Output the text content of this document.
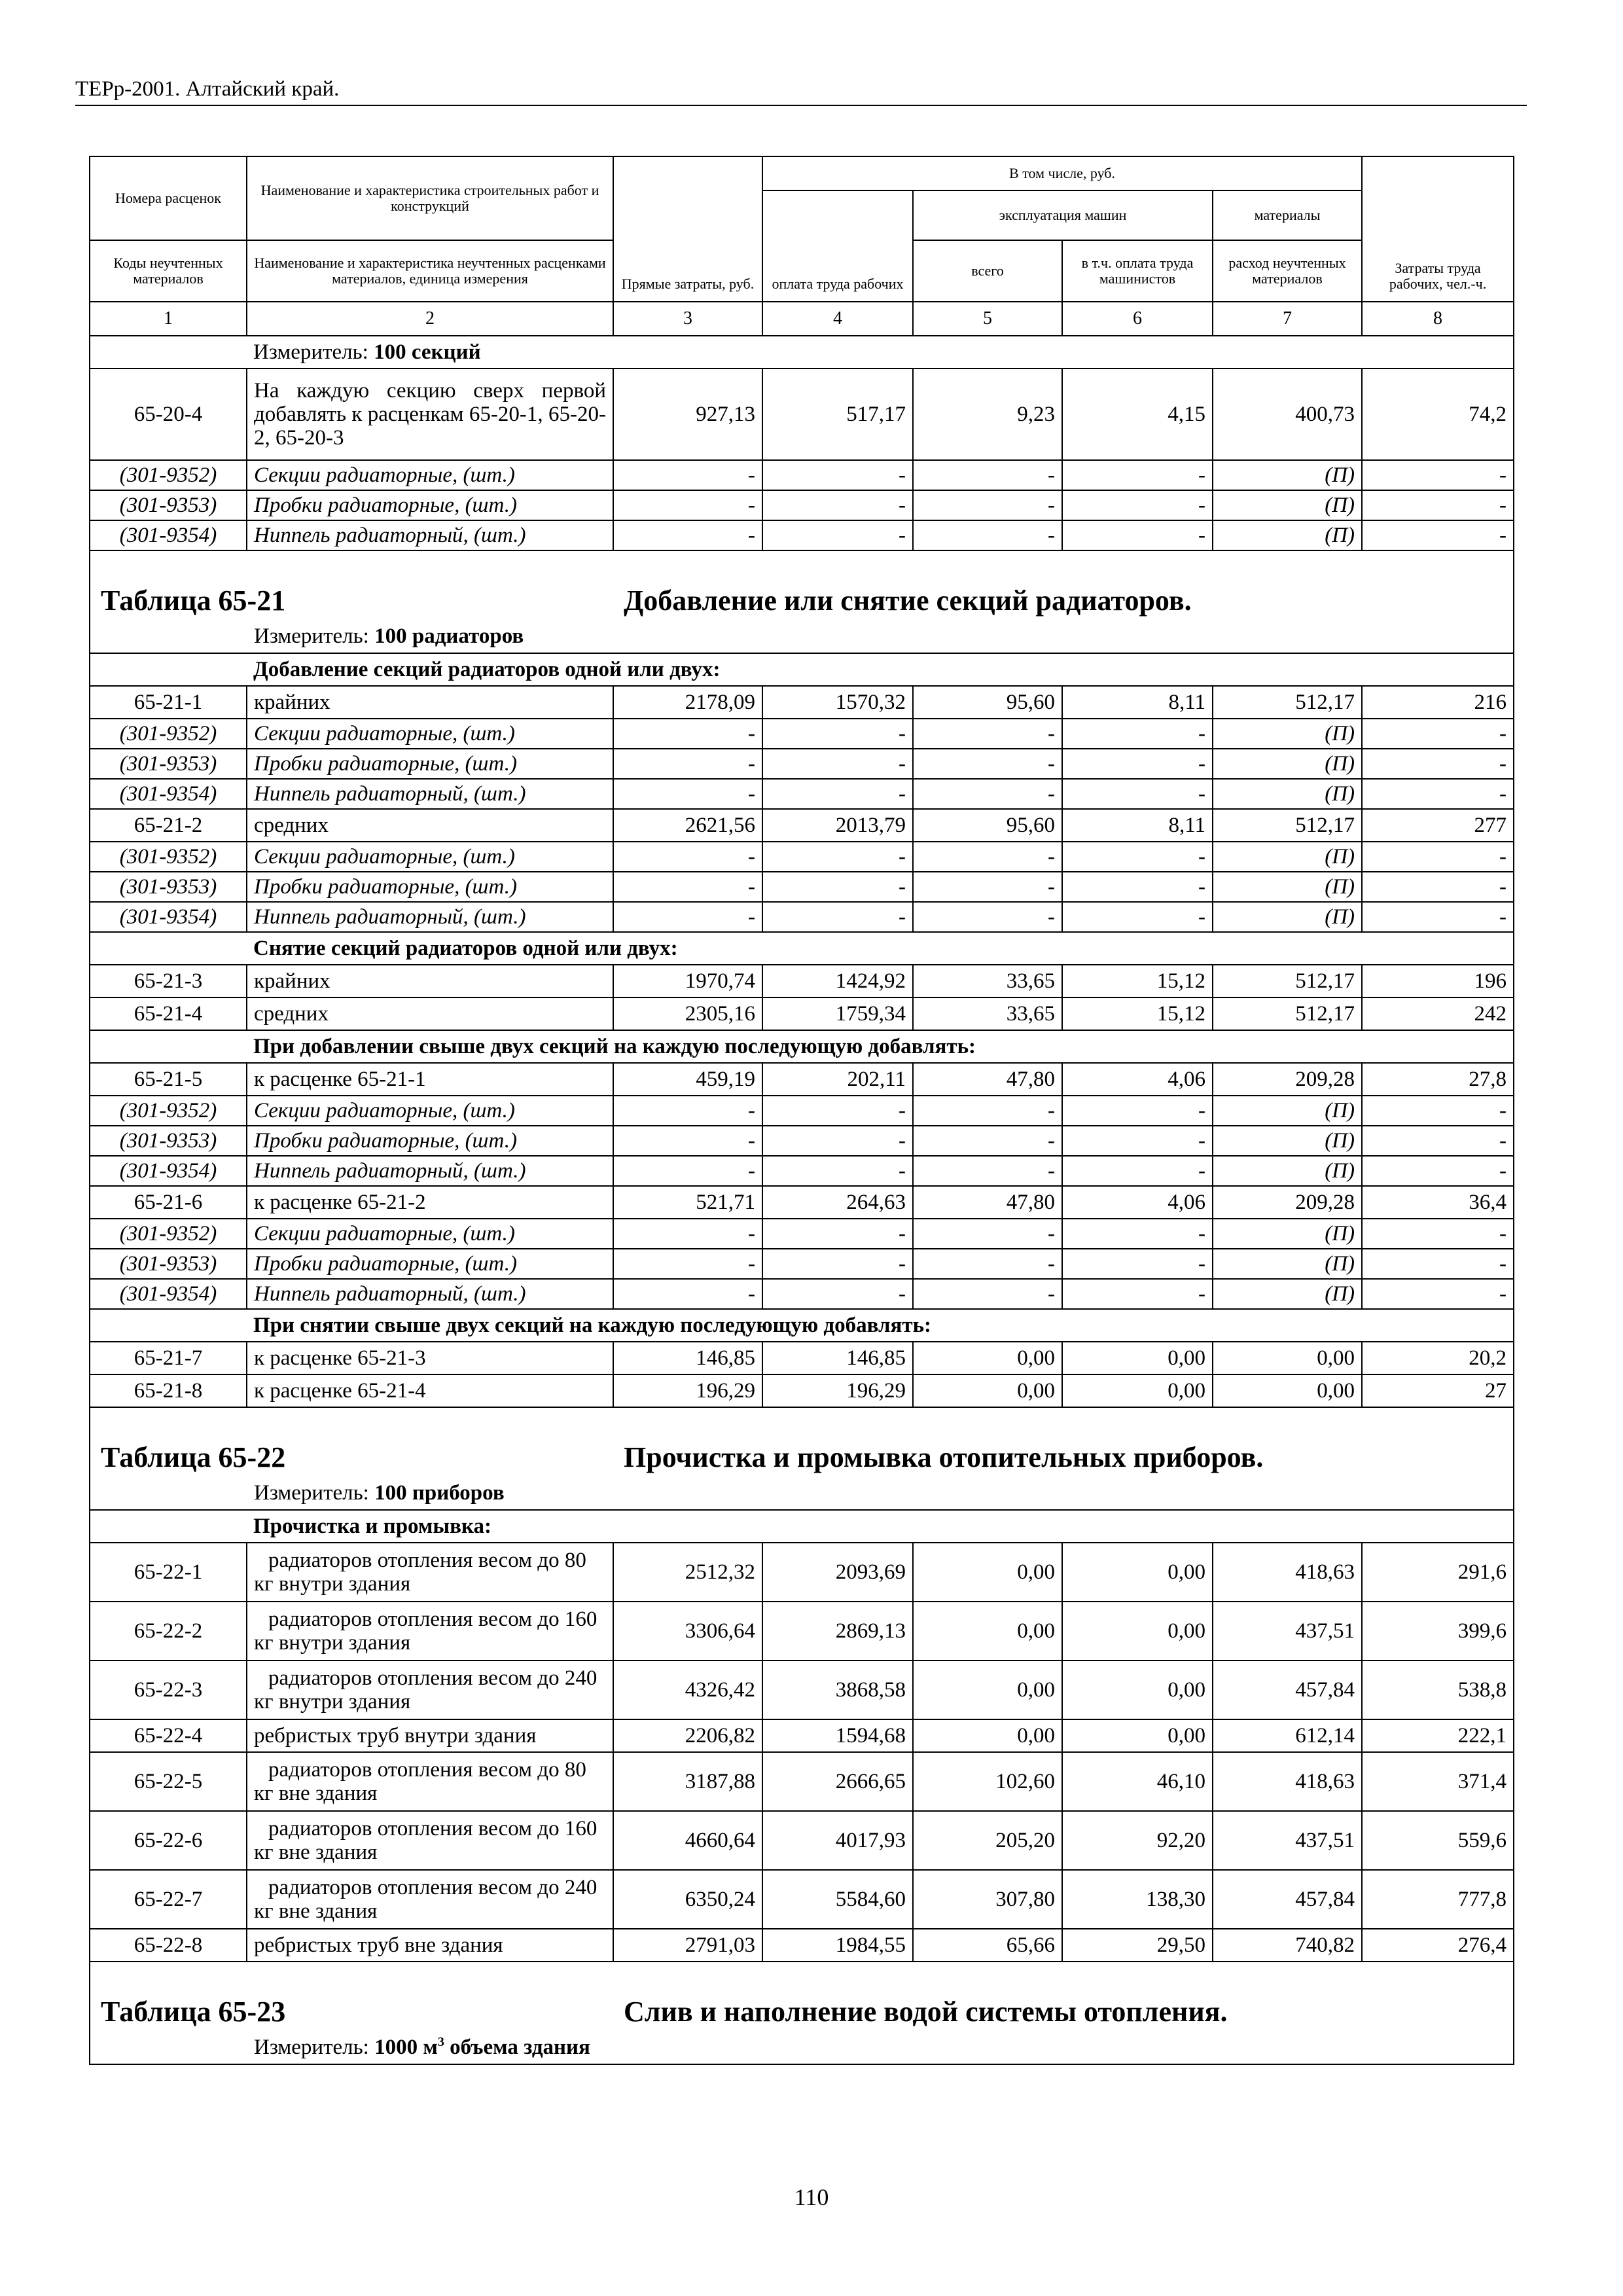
ТЕРр-2001. Алтайский край.
Номера расценок	Наименование и характеристика строительных работ и конструкций	Прямые затраты, руб.	В том числе, руб.				Затраты труда рабочих, чел.-ч.
			оплата труда рабочих	эксплуатация машин		материалы	
Коды неучтенных материалов	Наименование и характеристика неучтенных расценками материалов, единица измерения			всего	в т.ч. оплата труда машинистов	расход неучтенных материалов	
1	2	3	4	5	6	7	8
	Измеритель: 100 секций						
65-20-4	На каждую секцию сверх первой добавлять к расценкам 65-20-1, 65-20-2, 65-20-3	927,13	517,17	9,23	4,15	400,73	74,2
(301-9352)	Секции радиаторные, (шт.)	-	-	-	-	(П)	-
(301-9353)	Пробки радиаторные, (шт.)	-	-	-	-	(П)	-
(301-9354)	Ниппель радиаторный, (шт.)	-	-	-	-	(П)	-

Таблица 65-21 Добавление или снятие секций радиаторов.
Измеритель: 100 радиаторов							

	Добавление секций радиаторов одной или двух:						
65-21-1	крайних	2178,09	1570,32	95,60	8,11	512,17	216
(301-9352)	Секции радиаторные, (шт.)	-	-	-	-	(П)	-
(301-9353)	Пробки радиаторные, (шт.)	-	-	-	-	(П)	-
(301-9354)	Ниппель радиаторный, (шт.)	-	-	-	-	(П)	-
65-21-2	средних	2621,56	2013,79	95,60	8,11	512,17	277
(301-9352)	Секции радиаторные, (шт.)	-	-	-	-	(П)	-
(301-9353)	Пробки радиаторные, (шт.)	-	-	-	-	(П)	-
(301-9354)	Ниппель радиаторный, (шт.)	-	-	-	-	(П)	-
	Снятие секций радиаторов одной или двух:						
65-21-3	крайних	1970,74	1424,92	33,65	15,12	512,17	196
65-21-4	средних	2305,16	1759,34	33,65	15,12	512,17	242
	При добавлении свыше двух секций на каждую последующую добавлять:						
65-21-5	к расценке 65-21-1	459,19	202,11	47,80	4,06	209,28	27,8
(301-9352)	Секции радиаторные, (шт.)	-	-	-	-	(П)	-
(301-9353)	Пробки радиаторные, (шт.)	-	-	-	-	(П)	-
(301-9354)	Ниппель радиаторный, (шт.)	-	-	-	-	(П)	-
65-21-6	к расценке 65-21-2	521,71	264,63	47,80	4,06	209,28	36,4
(301-9352)	Секции радиаторные, (шт.)	-	-	-	-	(П)	-
(301-9353)	Пробки радиаторные, (шт.)	-	-	-	-	(П)	-
(301-9354)	Ниппель радиаторный, (шт.)	-	-	-	-	(П)	-
	При снятии свыше двух секций на каждую последующую добавлять:						
65-21-7	к расценке 65-21-3	146,85	146,85	0,00	0,00	0,00	20,2
65-21-8	к расценке 65-21-4	196,29	196,29	0,00	0,00	0,00	27

Таблица 65-22 Прочистка и промывка отопительных приборов.
Измеритель: 100 приборов							

	Прочистка и промывка:						
65-22-1	радиаторов отопления весом до 80 кг внутри здания	2512,32	2093,69	0,00	0,00	418,63	291,6
65-22-2	радиаторов отопления весом до 160 кг внутри здания	3306,64	2869,13	0,00	0,00	437,51	399,6
65-22-3	радиаторов отопления весом до 240 кг внутри здания	4326,42	3868,58	0,00	0,00	457,84	538,8
65-22-4	ребристых труб внутри здания	2206,82	1594,68	0,00	0,00	612,14	222,1
65-22-5	радиаторов отопления весом до 80 кг вне здания	3187,88	2666,65	102,60	46,10	418,63	371,4
65-22-6	радиаторов отопления весом до 160 кг вне здания	4660,64	4017,93	205,20	92,20	437,51	559,6
65-22-7	радиаторов отопления весом до 240 кг вне здания	6350,24	5584,60	307,80	138,30	457,84	777,8
65-22-8	ребристых труб вне здания	2791,03	1984,55	65,66	29,50	740,82	276,4

Таблица 65-23 Слив и наполнение водой системы отопления.
Измеритель: 1000 $м^3$ объема здания							
110
